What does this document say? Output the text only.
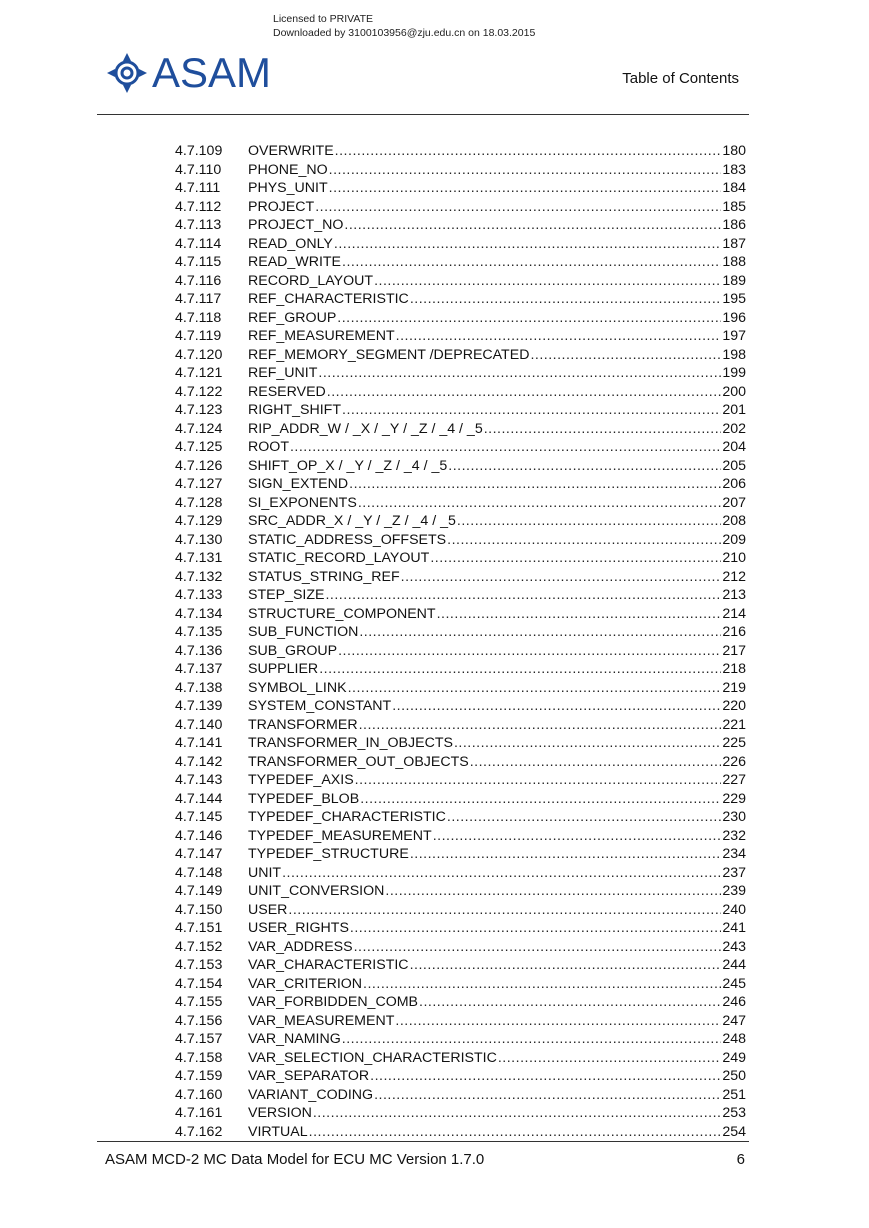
Licensed to PRIVATE
Downloaded by 3100103956@zju.edu.cn on 18.03.2015
ASAM	Table of Contents
4.7.109	OVERWRITE .....	180
4.7.110	PHONE_NO .....	183
4.7.111	PHYS_UNIT .....	184
4.7.112	PROJECT .....	185
4.7.113	PROJECT_NO .....	186
4.7.114	READ_ONLY .....	187
4.7.115	READ_WRITE .....	188
4.7.116	RECORD_LAYOUT .....	189
4.7.117	REF_CHARACTERISTIC .....	195
4.7.118	REF_GROUP .....	196
4.7.119	REF_MEASUREMENT .....	197
4.7.120	REF_MEMORY_SEGMENT /DEPRECATED .....	198
4.7.121	REF_UNIT .....	199
4.7.122	RESERVED .....	200
4.7.123	RIGHT_SHIFT .....	201
4.7.124	RIP_ADDR_W / _X / _Y / _Z / _4 / _5 .....	202
4.7.125	ROOT .....	204
4.7.126	SHIFT_OP_X / _Y / _Z / _4 / _5 .....	205
4.7.127	SIGN_EXTEND .....	206
4.7.128	SI_EXPONENTS .....	207
4.7.129	SRC_ADDR_X / _Y / _Z / _4 / _5 .....	208
4.7.130	STATIC_ADDRESS_OFFSETS .....	209
4.7.131	STATIC_RECORD_LAYOUT .....	210
4.7.132	STATUS_STRING_REF .....	212
4.7.133	STEP_SIZE .....	213
4.7.134	STRUCTURE_COMPONENT .....	214
4.7.135	SUB_FUNCTION .....	216
4.7.136	SUB_GROUP .....	217
4.7.137	SUPPLIER .....	218
4.7.138	SYMBOL_LINK .....	219
4.7.139	SYSTEM_CONSTANT .....	220
4.7.140	TRANSFORMER .....	221
4.7.141	TRANSFORMER_IN_OBJECTS .....	225
4.7.142	TRANSFORMER_OUT_OBJECTS .....	226
4.7.143	TYPEDEF_AXIS .....	227
4.7.144	TYPEDEF_BLOB .....	229
4.7.145	TYPEDEF_CHARACTERISTIC .....	230
4.7.146	TYPEDEF_MEASUREMENT .....	232
4.7.147	TYPEDEF_STRUCTURE .....	234
4.7.148	UNIT .....	237
4.7.149	UNIT_CONVERSION .....	239
4.7.150	USER .....	240
4.7.151	USER_RIGHTS .....	241
4.7.152	VAR_ADDRESS .....	243
4.7.153	VAR_CHARACTERISTIC .....	244
4.7.154	VAR_CRITERION .....	245
4.7.155	VAR_FORBIDDEN_COMB .....	246
4.7.156	VAR_MEASUREMENT .....	247
4.7.157	VAR_NAMING .....	248
4.7.158	VAR_SELECTION_CHARACTERISTIC .....	249
4.7.159	VAR_SEPARATOR .....	250
4.7.160	VARIANT_CODING .....	251
4.7.161	VERSION .....	253
4.7.162	VIRTUAL .....	254
ASAM MCD-2 MC Data Model for ECU MC Version 1.7.0	6
